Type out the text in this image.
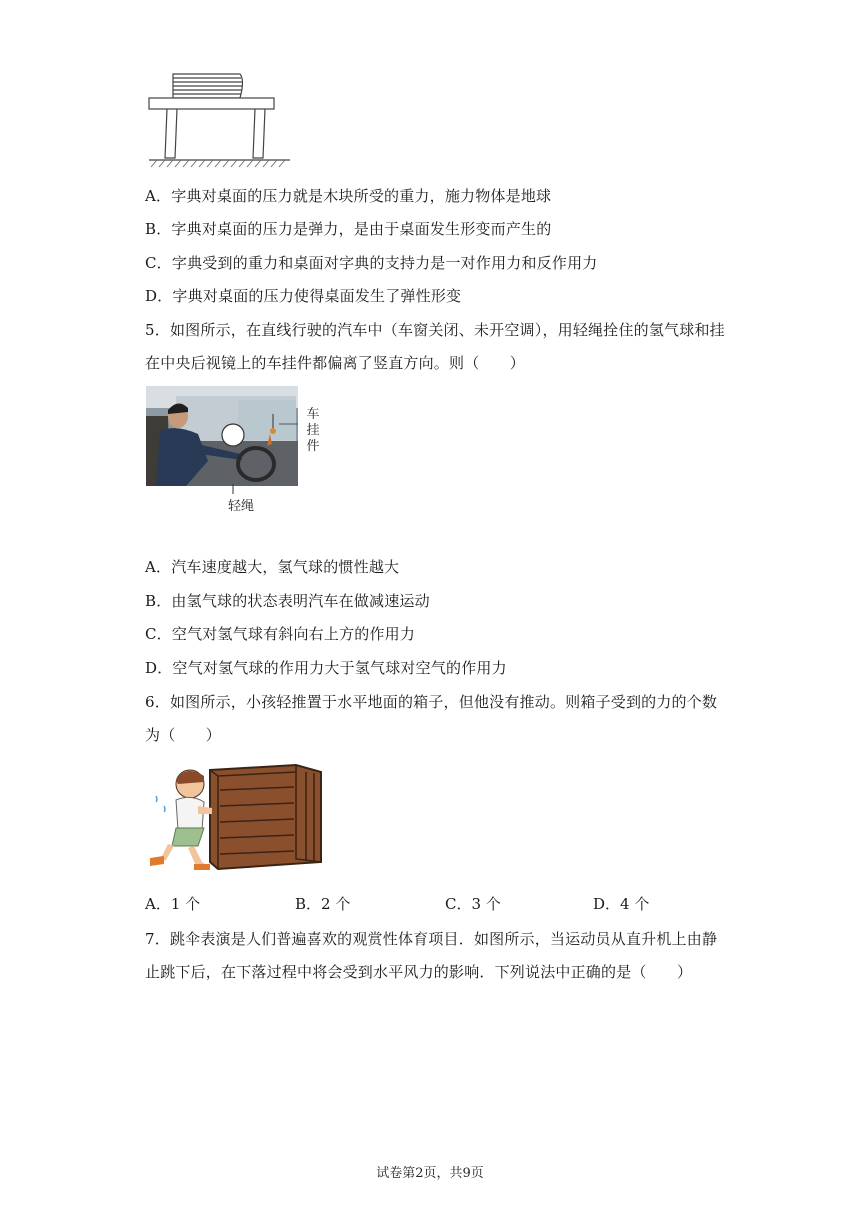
A．字典对桌面的压力就是木块所受的重力，施力物体是地球
B．字典对桌面的压力是弹力，是由于桌面发生形变而产生的
C．字典受到的重力和桌面对字典的支持力是一对作用力和反作用力
D．字典对桌面的压力使得桌面发生了弹性形变
5．如图所示，在直线行驶的汽车中（车窗关闭、未开空调），用轻绳拴住的氢气球和挂
在中央后视镜上的车挂件都偏离了竖直方向。则（　　）
车
挂
件
轻绳
A．汽车速度越大，氢气球的惯性越大
B．由氢气球的状态表明汽车在做减速运动
C．空气对氢气球有斜向右上方的作用力
D．空气对氢气球的作用力大于氢气球对空气的作用力
6．如图所示，小孩轻推置于水平地面的箱子，但他没有推动。则箱子受到的力的个数
为（　　）
A．1 个	B．2 个	C．3 个	D．4 个
7．跳伞表演是人们普遍喜欢的观赏性体育项目．如图所示，当运动员从直升机上由静
止跳下后，在下落过程中将会受到水平风力的影响．下列说法中正确的是（　　）
试卷第2页，共9页
